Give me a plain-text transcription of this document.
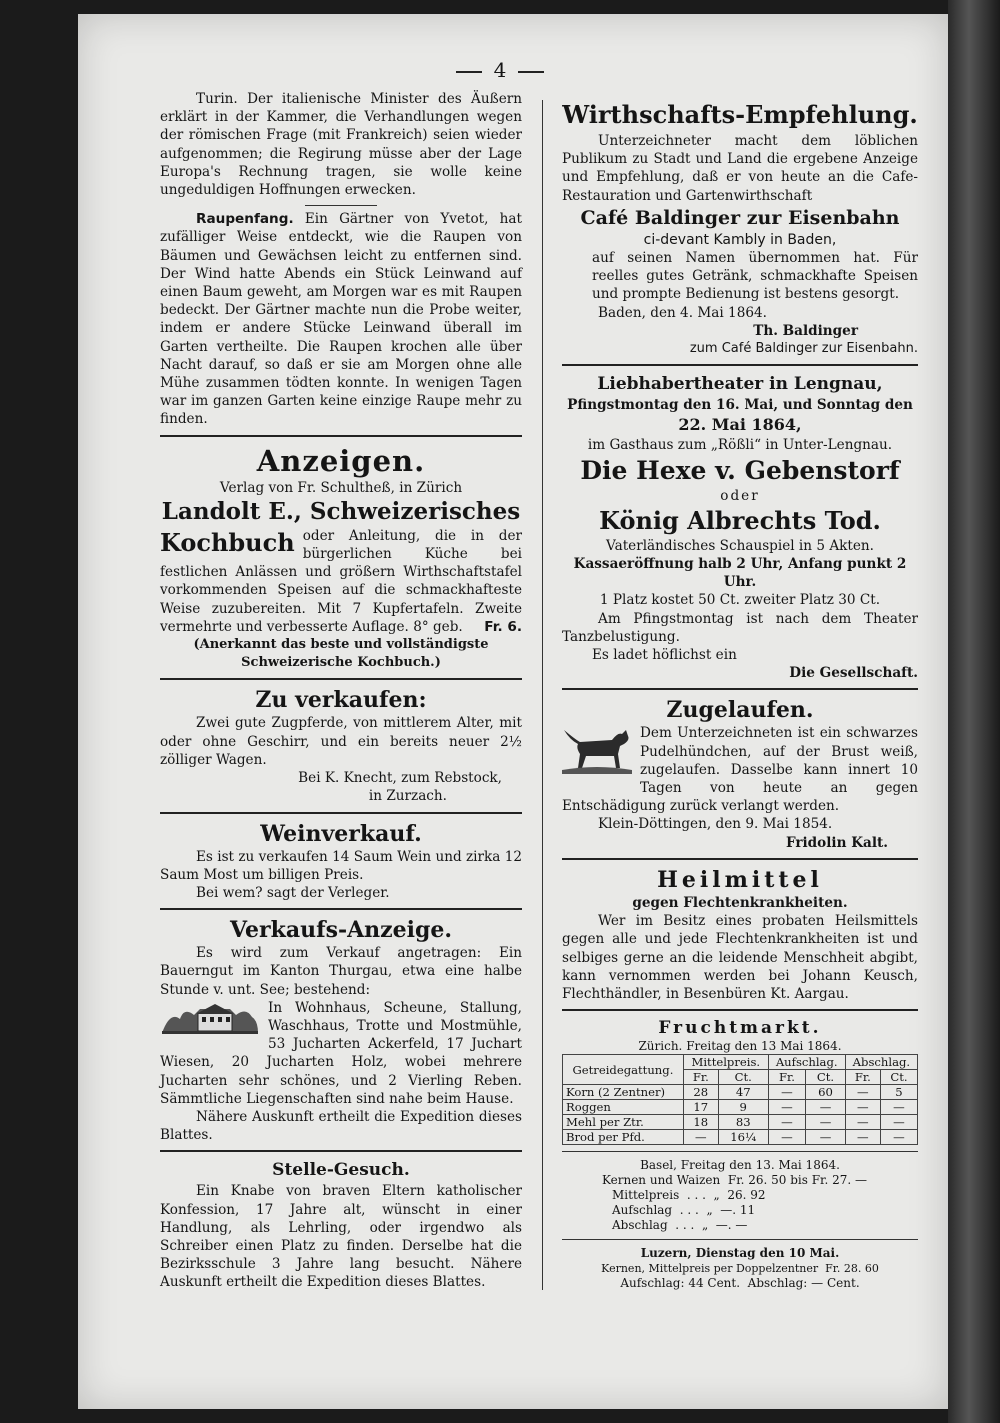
4

Turin. Der italienische Minister des Äußern erklärt in der Kammer, die Verhandlungen wegen der römischen Frage (mit Frankreich) seien wieder aufgenommen; die Regirung müsse aber der Lage Europa's Rechnung tragen, sie wolle keine ungeduldigen Hoffnungen erwecken.

Raupenfang. Ein Gärtner von Yvetot, hat zufälliger Weise entdeckt, wie die Raupen von Bäumen und Gewächsen leicht zu entfernen sind. Der Wind hatte Abends ein Stück Leinwand auf einen Baum geweht, am Morgen war es mit Raupen bedeckt. Der Gärtner machte nun die Probe weiter, indem er andere Stücke Leinwand überall im Garten vertheilte. Die Raupen krochen alle über Nacht darauf, so daß er sie am Morgen ohne alle Mühe zusammen tödten konnte. In wenigen Tagen war im ganzen Garten keine einzige Raupe mehr zu finden.

Anzeigen.

Verlag von Fr. Schultheß, in Zürich

Landolt E., Schweizerisches

Kochbuch oder Anleitung, die in der bürgerlichen Küche bei festlichen Anlässen und größern Wirthschaftstafel vorkommenden Speisen auf die schmackhafteste Weise zuzubereiten. Mit 7 Kupfertafeln. Zweite vermehrte und verbesserte Auflage. 8° geb. Fr. 6.

(Anerkannt das beste und vollständigste Schweizerische Kochbuch.)

Zu verkaufen:

Zwei gute Zugpferde, von mittlerem Alter, mit oder ohne Geschirr, und ein bereits neuer 2½ zölliger Wagen.

Bei K. Knecht, zum Rebstock,

in Zurzach.

Weinverkauf.

Es ist zu verkaufen 14 Saum Wein und zirka 12 Saum Most um billigen Preis.

Bei wem? sagt der Verleger.

Verkaufs-Anzeige.

Es wird zum Verkauf angetragen: Ein Bauerngut im Kanton Thurgau, etwa eine halbe Stunde v. unt. See; bestehend:

In Wohnhaus, Scheune, Stallung, Waschhaus, Trotte und Mostmühle, 53 Jucharten Ackerfeld, 17 Juchart Wiesen, 20 Jucharten Holz, wobei mehrere Jucharten sehr schönes, und 2 Vierling Reben. Sämmtliche Liegenschaften sind nahe beim Hause.

Nähere Auskunft ertheilt die Expedition dieses Blattes.

Stelle-Gesuch.

Ein Knabe von braven Eltern katholischer Konfession, 17 Jahre alt, wünscht in einer Handlung, als Lehrling, oder irgendwo als Schreiber einen Platz zu finden. Derselbe hat die Bezirksschule 3 Jahre lang besucht. Nähere Auskunft ertheilt die Expedition dieses Blattes.

Wirthschafts-Empfehlung.

Unterzeichneter macht dem löblichen Publikum zu Stadt und Land die ergebene Anzeige und Empfehlung, daß er von heute an die Cafe-Restauration und Gartenwirthschaft

Café Baldinger zur Eisenbahn

ci-devant Kambly in Baden,

auf seinen Namen übernommen hat. Für reelles gutes Getränk, schmackhafte Speisen und prompte Bedienung ist bestens gesorgt.

Baden, den 4. Mai 1864.

Th. Baldinger

zum Café Baldinger zur Eisenbahn.

Liebhabertheater in Lengnau,

Pfingstmontag den 16. Mai, und Sonntag den

22. Mai 1864,

im Gasthaus zum „Rößli“ in Unter-Lengnau.

Die Hexe v. Gebenstorf

oder

König Albrechts Tod.

Vaterländisches Schauspiel in 5 Akten.

Kassaeröffnung halb 2 Uhr, Anfang punkt 2 Uhr.

1 Platz kostet 50 Ct. zweiter Platz 30 Ct.

Am Pfingstmontag ist nach dem Theater Tanzbelustigung.

Es ladet höflichst ein

Die Gesellschaft.

Zugelaufen.

Dem Unterzeichneten ist ein schwarzes Pudelhündchen, auf der Brust weiß, zugelaufen. Dasselbe kann innert 10 Tagen von heute an gegen Entschädigung zurück verlangt werden.

Klein-Döttingen, den 9. Mai 1854.

Fridolin Kalt.

Heilmittel

gegen Flechtenkrankheiten.

Wer im Besitz eines probaten Heilsmittels gegen alle und jede Flechtenkrankheiten ist und selbiges gerne an die leidende Menschheit abgibt, kann vernommen werden bei Johann Keusch, Flechthändler, in Besenbüren Kt. Aargau.

Fruchtmarkt.

Zürich. Freitag den 13 Mai 1864.

Getreidegattung.	Mittelpreis.		Aufschlag.		Abschlag.	
	Fr.	Ct.	Fr.	Ct.	Fr.	Ct.
Korn (2 Zentner)	28	47	—	60	—	5
Roggen	17	9	—	—	—	—
Mehl per Ztr.	18	83	—	—	—	—
Brod per Pfd.	—	16¼	—	—	—	—

Basel, Freitag den 13. Mai 1864.

Kernen und Waizen  Fr. 26. 50 bis Fr. 27. —

Mittelpreis  . . .  „  26. 92

Aufschlag  . . .  „  —. 11

Abschlag  . . .  „  —. —

Luzern, Dienstag den 10 Mai.

Kernen, Mittelpreis per Doppelzentner  Fr. 28. 60

Aufschlag: 44 Cent.  Abschlag: — Cent.
